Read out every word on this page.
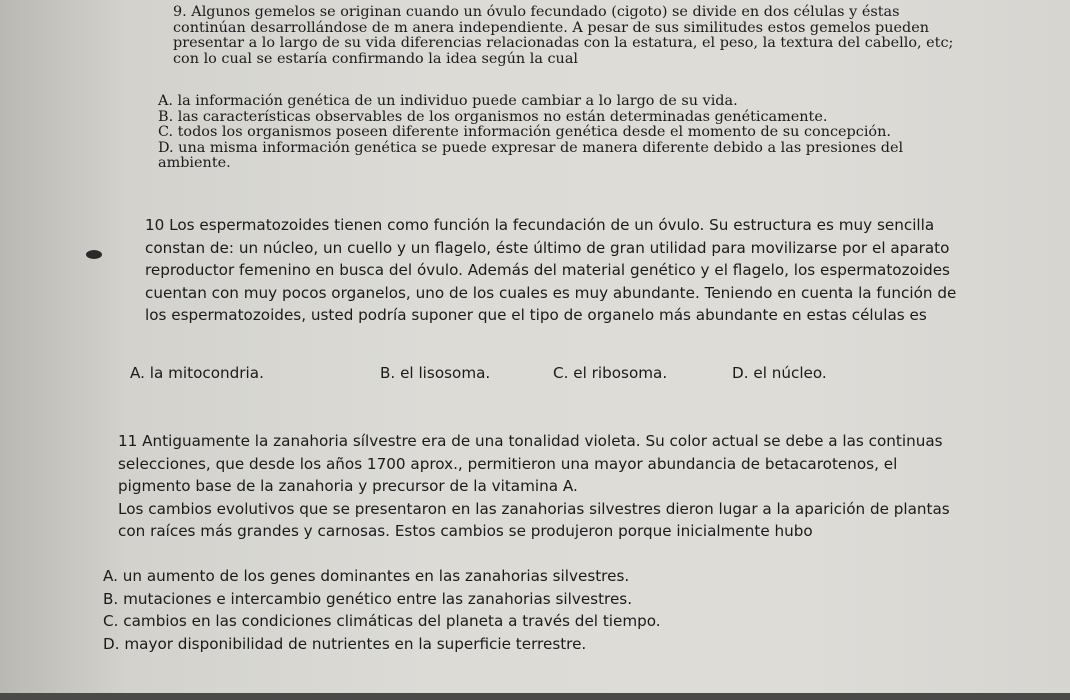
9. Algunos gemelos se originan cuando un óvulo fecundado (cigoto) se divide en dos células y éstas
continúan desarrollándose de m anera independiente. A pesar de sus similitudes estos gemelos pueden
presentar a lo largo de su vida diferencias relacionadas con la estatura, el peso, la textura del cabello, etc;
con lo cual se estaría confirmando la idea según la cual
A. la información genética de un individuo puede cambiar a lo largo de su vida.
B. las características observables de los organismos no están determinadas genéticamente.
C. todos los organismos poseen diferente información genética desde el momento de su concepción.
D. una misma información genética se puede expresar de manera diferente debido a las presiones del
ambiente.
10 Los espermatozoides tienen como función la fecundación de un óvulo. Su estructura es muy sencilla
constan de: un núcleo, un cuello y un flagelo, éste último de gran utilidad para movilizarse por el aparato
reproductor femenino en busca del óvulo. Además del material genético y el flagelo, los espermatozoides
cuentan con muy pocos organelos, uno de los cuales es muy abundante. Teniendo en cuenta la función de
los espermatozoides, usted podría suponer que el tipo de organelo más abundante en estas células es
A. la mitocondria.	B. el lisosoma.	C. el ribosoma.	D. el núcleo.
11 Antiguamente la zanahoria sílvestre era de una tonalidad violeta. Su color actual se debe a las continuas
selecciones, que desde los años 1700 aprox., permitieron una mayor abundancia de betacarotenos, el
pigmento base de la zanahoria y precursor de la vitamina A.
Los cambios evolutivos que se presentaron en las zanahorias silvestres dieron lugar a la aparición de plantas
con raíces más grandes y carnosas. Estos cambios se produjeron porque inicialmente hubo
A. un aumento de los genes dominantes en las zanahorias silvestres.
B. mutaciones e intercambio genético entre las zanahorias silvestres.
C. cambios en las condiciones climáticas del planeta a través del tiempo.
D. mayor disponibilidad de nutrientes en la superficie terrestre.
